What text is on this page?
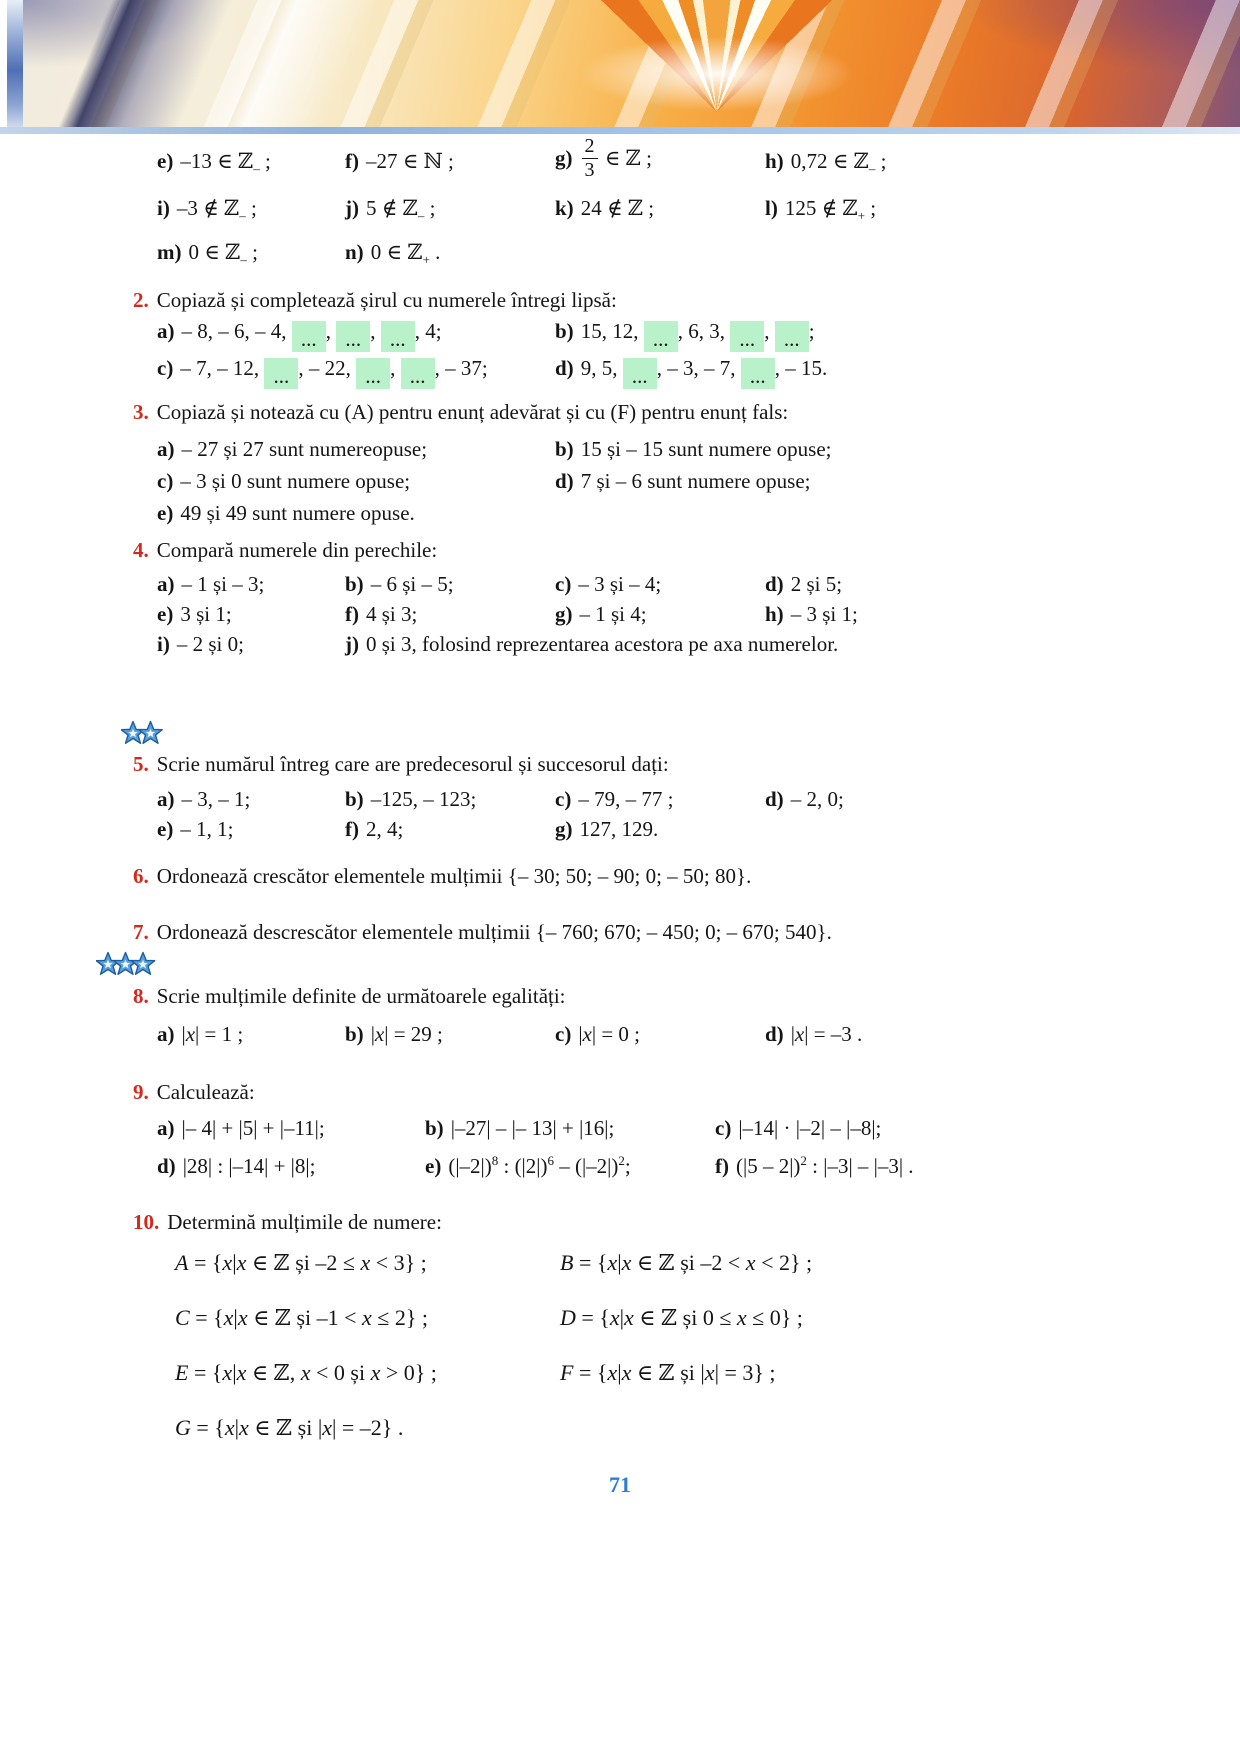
e) –13 ∈ ℤ$_-$ ;	f) –27 ∈ ℕ ;	$g) \frac{2}{3}$ ∈ ℤ ;	h) 0,72 ∈ ℤ$_-$ ;
i) –3 ∉ ℤ$_-$ ;	j) 5 ∉ ℤ$_-$ ;	k) 24 ∉ ℤ ;	l) 125 ∉ ℤ$_+$ ;
m) 0 ∈ ℤ$_-$ ;	n) 0 ∈ ℤ$_+$ .
2. Copiază și completează șirul cu numerele întregi lipsă:
a) – 8, – 6, – 4, ... , ... , ... , 4;	b) 15, 12, ... , 6, 3, ... , ... ;
c) – 7, – 12, ... , – 22, ... , ... , – 37;	d) 9, 5, ... , – 3, – 7, ... , – 15.
3. Copiază și notează cu (A) pentru enunț adevărat și cu (F) pentru enunț fals:
a) – 27 și 27 sunt numereopuse;	b) 15 și – 15 sunt numere opuse;
c) – 3 și 0 sunt numere opuse;	d) 7 și – 6 sunt numere opuse;
e) 49 și 49 sunt numere opuse.
4. Compară numerele din perechile:
a) – 1 și – 3;	b) – 6 și – 5;	c) – 3 și – 4;	d) 2 și 5;
e) 3 și 1;	f) 4 și 3;	g) – 1 și 4;	h) – 3 și 1;
i) – 2 și 0;	j) 0 și 3, folosind reprezentarea acestora pe axa numerelor.
5. Scrie numărul întreg care are predecesorul și succesorul dați:
a) – 3, – 1;	b) –125, – 123;	c) – 79, – 77 ;	d) – 2, 0;
e) – 1, 1;	f) 2, 4;	g) 127, 129.
6. Ordonează crescător elementele mulțimii {– 30; 50; – 90; 0; – 50; 80}.
7. Ordonează descrescător elementele mulțimii {– 760; 670; – 450; 0; – 670; 540}.
8. Scrie mulțimile definite de următoarele egalități:
a) |x| = 1 ;	b) |x| = 29 ;	c) |x| = 0 ;	d) |x| = –3 .
9. Calculează:
a) |– 4| + |5| + |–11|;	b) |–27| – |– 13| + |16|;	c) |–14| · |–2| – |–8|;
d) |28| : |–14| + |8|;	e) $(|-2|)^8$ : $(|2|)^6 - (|-2|)^2$;	f) (|5 – 2|)$^2$ : |–3| – |–3| .
10. Determină mulțimile de numere:
A = {x|x ∈ ℤ și –2 ≤ x < 3} ;	B = {x|x ∈ ℤ și –2 < x < 2} ;
C = {x|x ∈ ℤ și –1 < x ≤ 2} ;	D = {x|x ∈ ℤ și 0 ≤ x ≤ 0} ;
E = {x|x ∈ ℤ, x < 0 și x > 0} ;	F = {x|x ∈ ℤ și |x| = 3} ;
G = {x|x ∈ ℤ și |x| = –2} .
71
